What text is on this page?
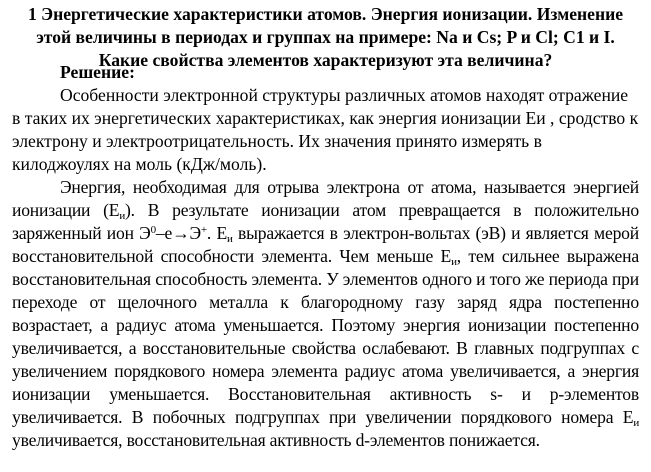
1 Энергетические характеристики атомов. Энергия ионизации. Изменение этой величины в периодах и группах на примере: Na и Cs; P и Cl; C1 и I. Какие свойства элементов характеризуют эта величина?

Решение:

Особенности электронной структуры различных атомов находят отражение в таких их энергетических характеристиках, как энергия ионизации Eи , сродство к электрону и электроотрицательность. Их значения принято измерять в килоджоулях на моль (кДж/моль).

Энергия, необходимая для отрыва электрона от атома, называется энергией ионизации $(E_и)$. В результате ионизации атом превращается в положительно заряженный ион $Э^0-e\to Э^+$. $E_и$ выражается в электрон-вольтах (эВ) и является мерой восстановительной способности элемента. Чем меньше $E_и$, тем сильнее выражена восстановительная способность элемента. У элементов одного и того же периода при переходе от щелочного металла к благородному газу заряд ядра постепенно возрастает, а радиус атома уменьшается. Поэтому энергия ионизации постепенно увеличивается, а восстановительные свойства ослабевают. В главных подгруппах с увеличением порядкового номера элемента радиус атома увеличивается, а энергия ионизации уменьшается. Восстановительная активность s- и p-элементов увеличивается. В побочных подгруппах при увеличении порядкового номера $E_и$ увеличивается, восстановительная активность d-элементов понижается.
